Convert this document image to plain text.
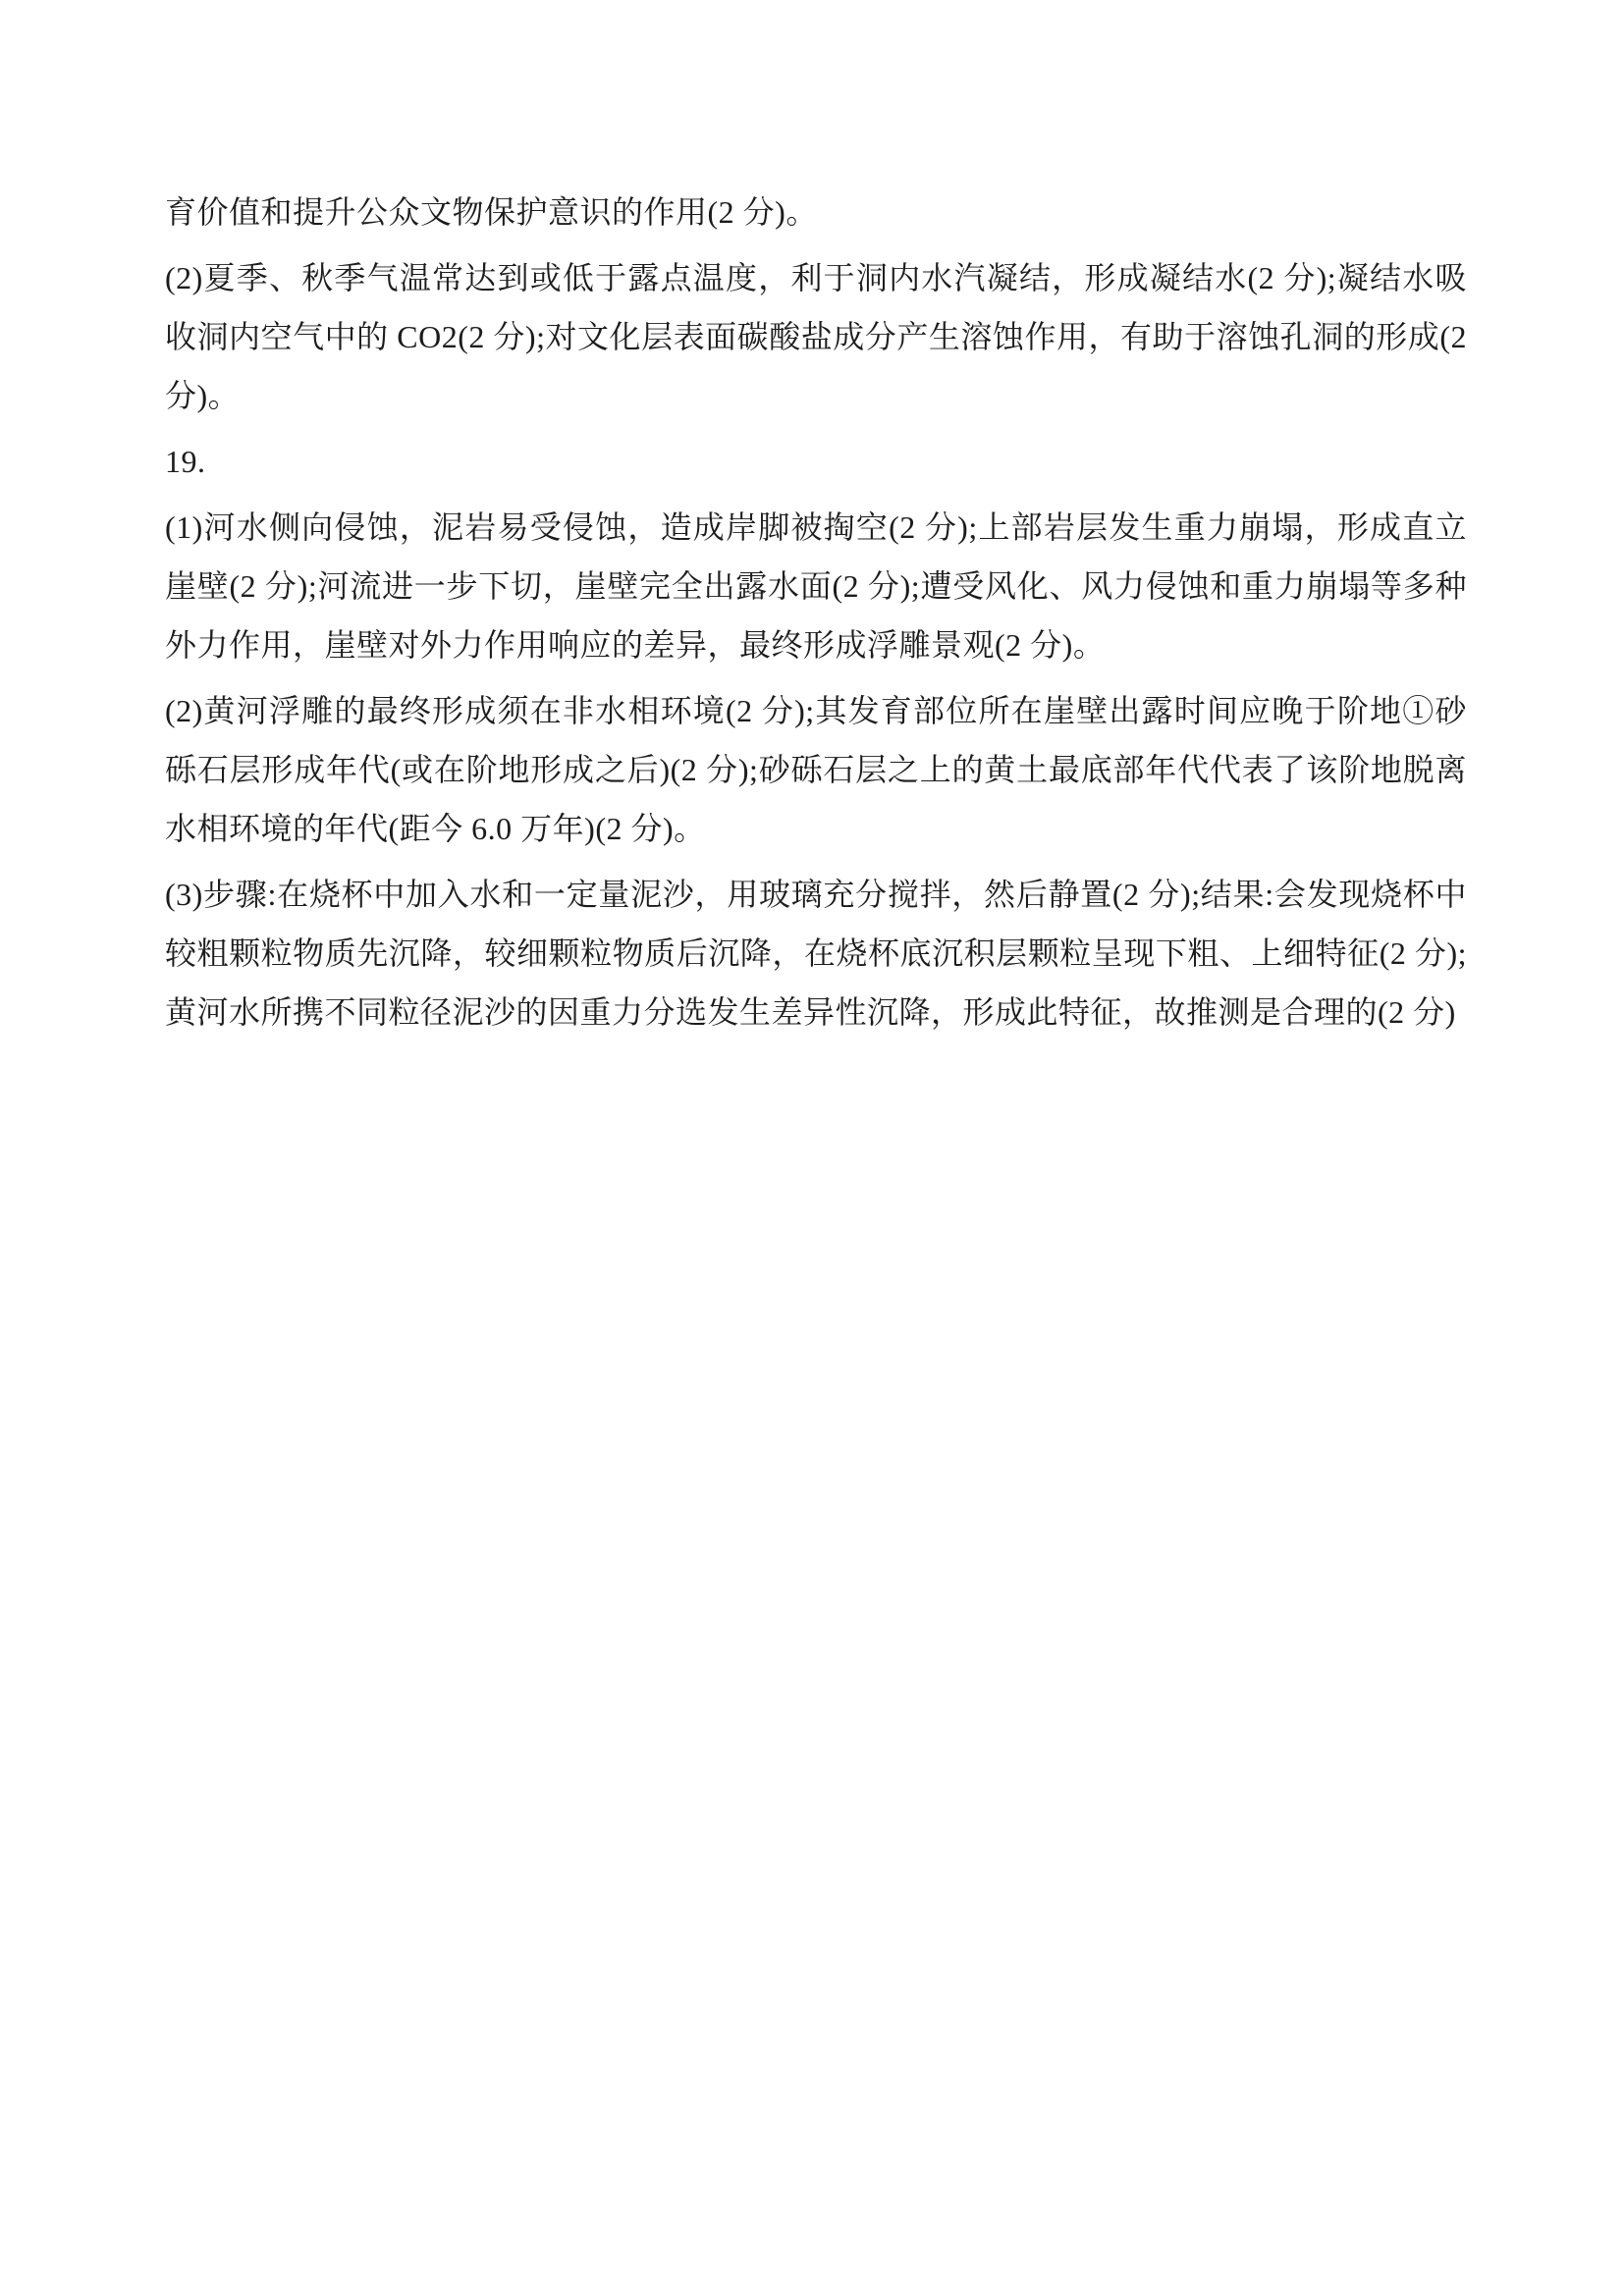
育价值和提升公众文物保护意识的作用(2 分)。

(2)夏季、秋季气温常达到或低于露点温度，利于洞内水汽凝结，形成凝结水(2 分);凝结水吸收洞内空气中的 CO2(2 分);对文化层表面碳酸盐成分产生溶蚀作用，有助于溶蚀孔洞的形成(2 分)。

19.

(1)河水侧向侵蚀，泥岩易受侵蚀，造成岸脚被掏空(2 分);上部岩层发生重力崩塌，形成直立崖壁(2 分);河流进一步下切，崖壁完全出露水面(2 分);遭受风化、风力侵蚀和重力崩塌等多种外力作用，崖壁对外力作用响应的差异，最终形成浮雕景观(2 分)。

(2)黄河浮雕的最终形成须在非水相环境(2 分);其发育部位所在崖壁出露时间应晚于阶地①砂砾石层形成年代(或在阶地形成之后)(2 分);砂砾石层之上的黄土最底部年代代表了该阶地脱离水相环境的年代(距今 6.0 万年)(2 分)。

(3)步骤:在烧杯中加入水和一定量泥沙，用玻璃充分搅拌，然后静置(2 分);结果:会发现烧杯中较粗颗粒物质先沉降，较细颗粒物质后沉降，在烧杯底沉积层颗粒呈现下粗、上细特征(2 分);黄河水所携不同粒径泥沙的因重力分选发生差异性沉降，形成此特征，故推测是合理的(2 分)
